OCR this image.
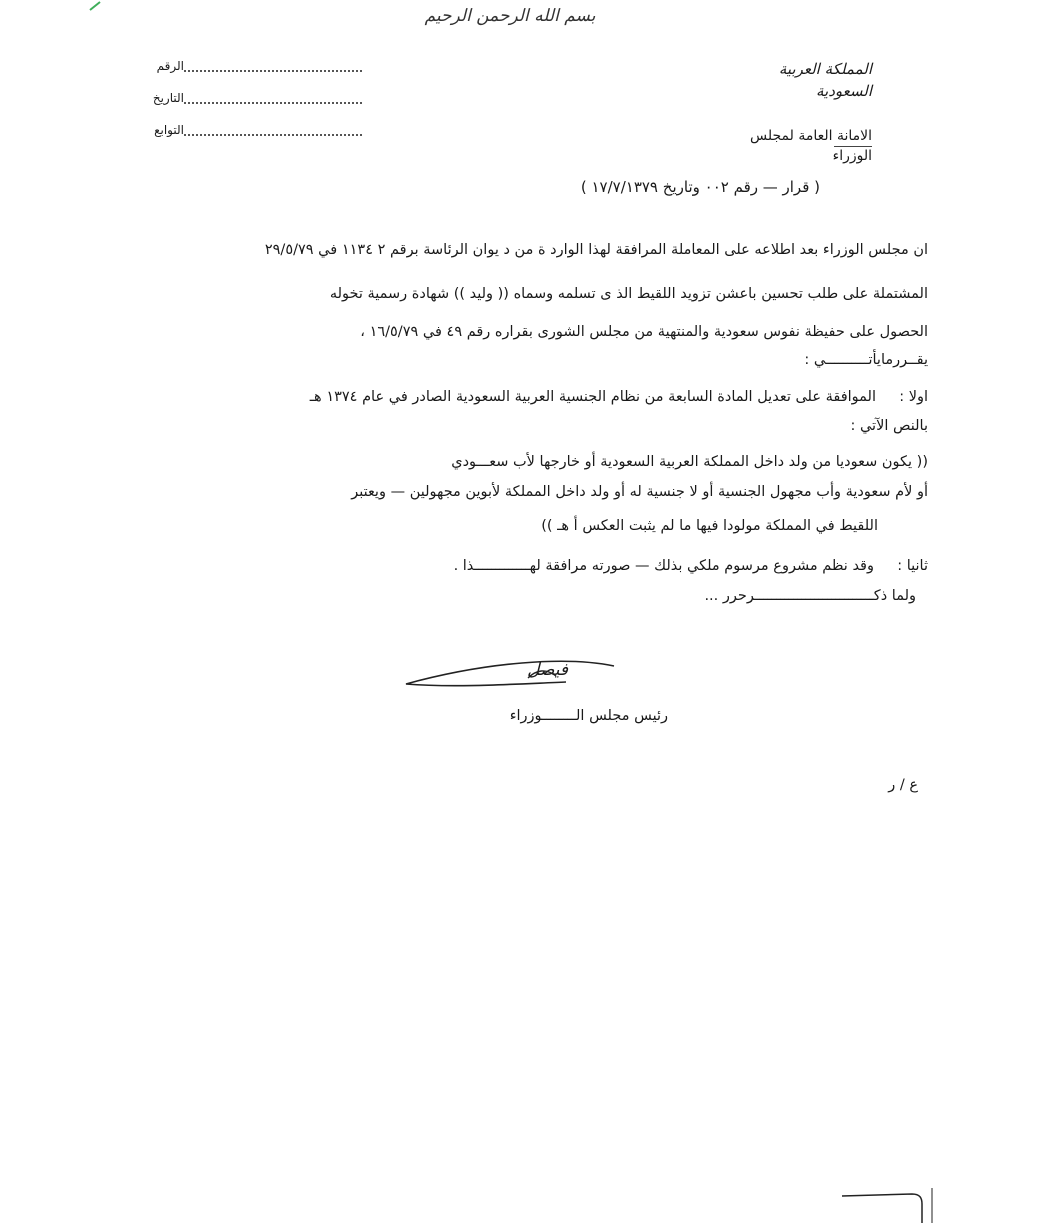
بسم الله الرحمن الرحيم
المملكة العربية السعودية
الامانة العامة لمجلس الوزراء
الرقم
التاريخ
التوابع
( قرار — رقم ٠٠٢ وتاريخ ١٧/٧/١٣٧٩ )
ان مجلس الوزراء بعد اطلاعه على المعاملة المرافقة لهذا الوارد ة من د يوان الرئاسة برقم ٢ ١١٣٤ في ٢٩/٥/٧٩
المشتملة على طلب تحسين باعشن تزويد اللقيط الذ ى تسلمه وسماه (( وليد )) شهادة رسمية تخوله
الحصول على حفيظة نفوس سعودية والمنتهية من مجلس الشورى بقراره رقم ٤٩ في ١٦/٥/٧٩ ،
يقــررمايأتــــــــــي :
اولا :
الموافقة على تعديل المادة السابعة من نظام الجنسية العربية السعودية الصادر في عام ١٣٧٤ هـ
بالنص الآتي :
(( يكون سعوديا من ولد داخل المملكة العربية السعودية أو خارجها لأب سعـــودي
أو لأم سعودية وأب مجهول الجنسية أو لا جنسية له أو ولد داخل المملكة لأبوين مجهولين — ويعتبر
اللقيط في المملكة مولودا فيها ما لم يثبت العكس أ هـ ))
ثانيا :
وقد نظم مشروع مرسوم ملكي بذلك — صورته مرافقة لهـــــــــــــذا .
ولما ذكــــــــــــــــــــــــــــرحرر ...
فيصل
رئيس مجلس الــــــــوزراء
ع / ر
